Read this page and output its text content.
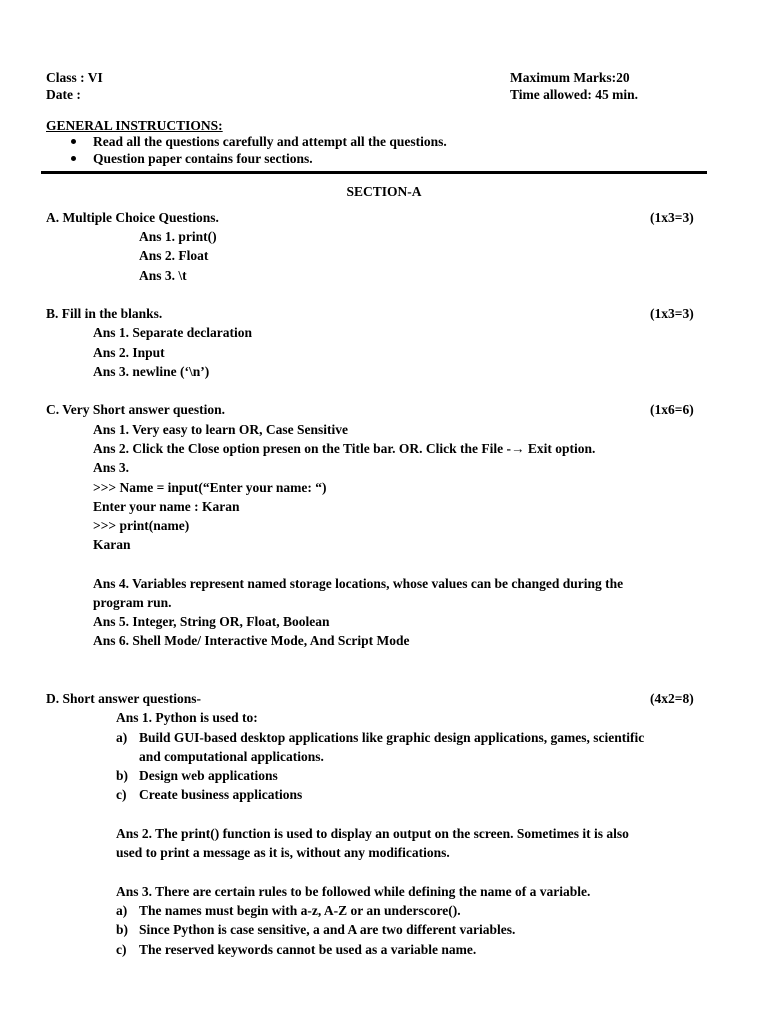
Class : VI
Date :
Maximum Marks:20
Time allowed: 45 min.
GENERAL INSTRUCTIONS:
Read all the questions carefully and attempt all the questions.
Question paper contains four sections.
SECTION-A
A. Multiple Choice Questions.	(1x3=3)
Ans 1. print()
Ans 2. Float
Ans 3. \t
B. Fill in the blanks.	(1x3=3)
Ans 1. Separate declaration
Ans 2. Input
Ans 3. newline (‘\n’)
C. Very Short answer question.	(1x6=6)
Ans 1. Very easy to learn OR, Case Sensitive
Ans 2. Click the Close option presen on the Title bar. OR. Click the File -→ Exit option.
Ans 3.
>>> Name = input(“Enter your name: “)
Enter your name : Karan
>>> print(name)
Karan
Ans 4. Variables represent named storage locations, whose values can be changed during the
program run.
Ans 5. Integer, String OR, Float, Boolean
Ans 6. Shell Mode/ Interactive Mode, And Script Mode
D. Short answer questions-	(4x2=8)
Ans 1. Python is used to:
a) Build GUI-based desktop applications like graphic design applications, games, scientific
and computational applications.
b) Design web applications
c) Create business applications
Ans 2. The print() function is used to display an output on the screen. Sometimes it is also
used to print a message as it is, without any modifications.
Ans 3. There are certain rules to be followed while defining the name of a variable.
a) The names must begin with a-z, A-Z or an underscore().
b) Since Python is case sensitive, a and A are two different variables.
c) The reserved keywords cannot be used as a variable name.
